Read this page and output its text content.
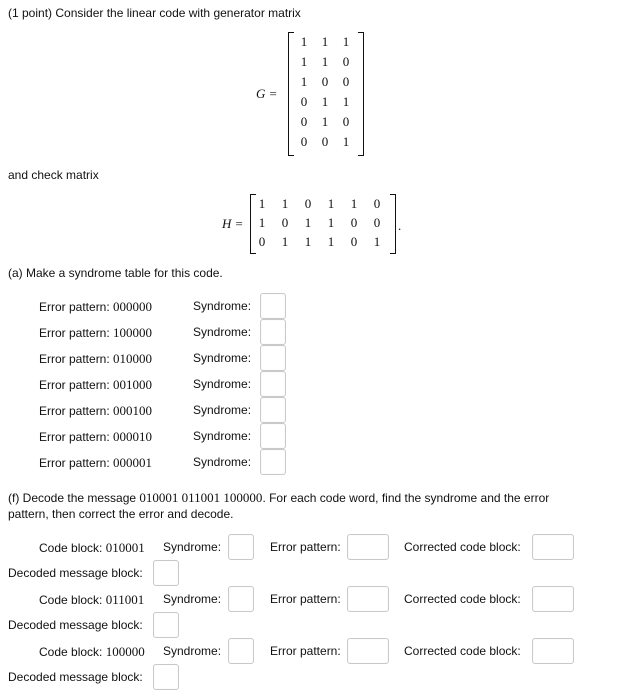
(1 point) Consider the linear code with generator matrix
G =
1	1	1
1	1	0
1	0	0
0	1	1
0	1	0
0	0	1
and check matrix
H =
1	1	0	1	1	0
1	0	1	1	0	0
0	1	1	1	0	1
.
(a) Make a syndrome table for this code.
Error pattern: 000000	Syndrome:
Error pattern: 100000	Syndrome:
Error pattern: 010000	Syndrome:
Error pattern: 001000	Syndrome:
Error pattern: 000100	Syndrome:
Error pattern: 000010	Syndrome:
Error pattern: 000001	Syndrome:
(f) Decode the message 010001 011001 100000. For each code word, find the syndrome and the error
pattern, then correct the error and decode.
Code block: 010001 Syndrome:	Error pattern:	Corrected code block:
Decoded message block:
Code block: 011001 Syndrome:	Error pattern:	Corrected code block:
Decoded message block:
Code block: 100000 Syndrome:	Error pattern:	Corrected code block:
Decoded message block:
